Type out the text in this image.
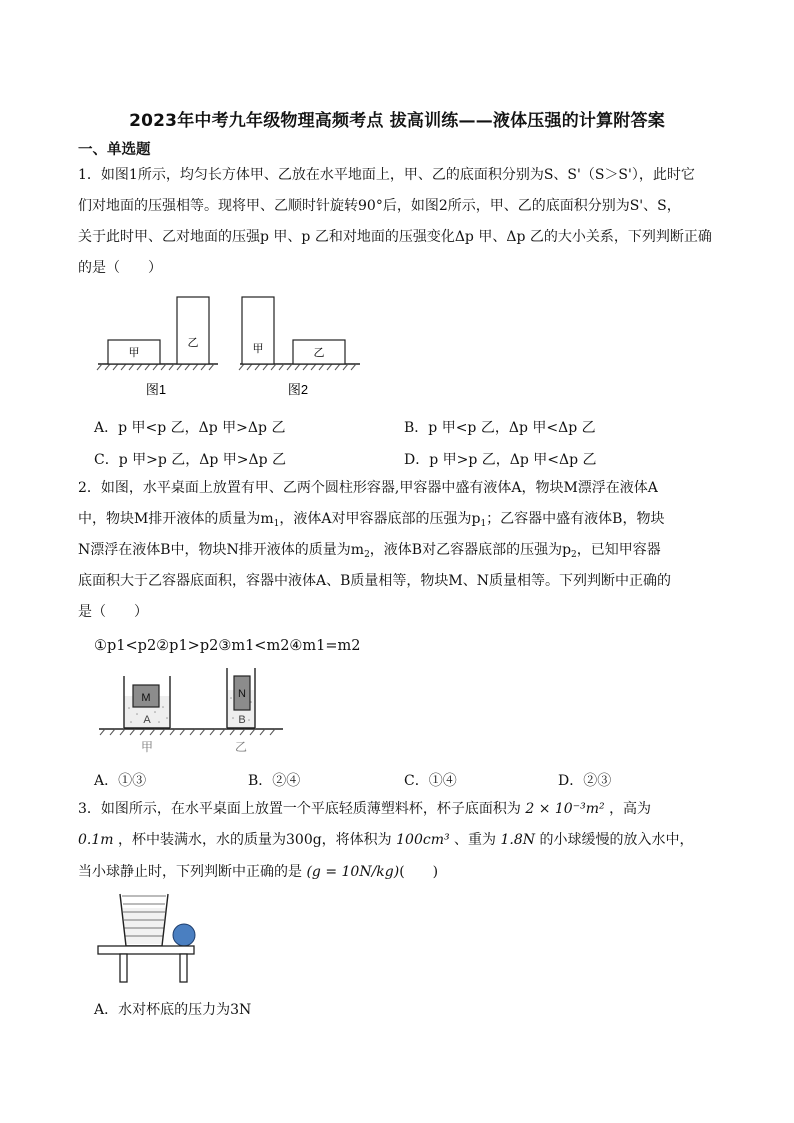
2023年中考九年级物理高频考点 拔高训练——液体压强的计算附答案
一、单选题
1．如图1所示，均匀长方体甲、乙放在水平地面上，甲、乙的底面积分别为S、S'（S＞S'），此时它
们对地面的压强相等。现将甲、乙顺时针旋转90°后，如图2所示，甲、乙的底面积分别为S'、S，
关于此时甲、乙对地面的压强p 甲、p 乙和对地面的压强变化Δp 甲、Δp 乙的大小关系，下列判断正确
的是（　　）
甲
乙
图1
甲	乙
图2
A．p 甲<p 乙，Δp 甲>Δp 乙	B．p 甲<p 乙，Δp 甲<Δp 乙
C．p 甲>p 乙，Δp 甲>Δp 乙	D．p 甲>p 乙，Δp 甲<Δp 乙
2．如图，水平桌面上放置有甲、乙两个圆柱形容器,甲容器中盛有液体A，物块M漂浮在液体A
中，物块M排开液体的质量为$m_1$，液体A对甲容器底部的压强为$p_1$；乙容器中盛有液体B，物块
N漂浮在液体B中，物块N排开液体的质量为$m_2$，液体B对乙容器底部的压强为$p_2$，已知甲容器
底面积大于乙容器底面积，容器中液体A、B质量相等，物块M、N质量相等。下列判断中正确的
是（　　）
①p1<p2②p1>p2③m1<m2④m1=m2
M
A
N
B
甲	乙
A．①③	B．②④	C．①④	D．②③
3．如图所示，在水平桌面上放置一个平底轻质薄塑料杯，杯子底面积为 2 × 10⁻³m² ，高为
0.1m ，杯中装满水，水的质量为300g，将体积为 100cm³ 、重为 1.8N 的小球缓慢的放入水中，
当小球静止时，下列判断中正确的是 (g = 10N/kg)(　　)
A．水对杯底的压力为3N
